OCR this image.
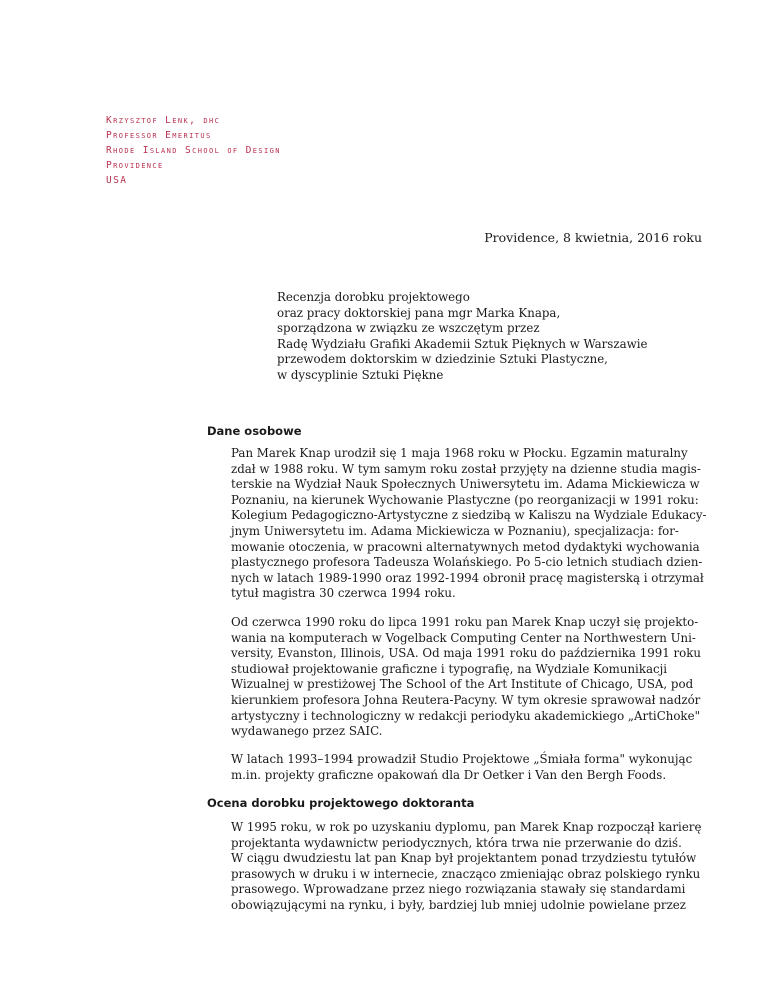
Krzysztof Lenk, dhc
Professor Emeritus
Rhode Island School of Design
Providence
USA
Providence, 8 kwietnia, 2016 roku
Recenzja dorobku projektowego
oraz pracy doktorskiej pana mgr Marka Knapa,
sporządzona w związku ze wszczętym przez
Radę Wydziału Grafiki Akademii Sztuk Pięknych w Warszawie
przewodem doktorskim w dziedzinie Sztuki Plastyczne,
w dyscyplinie Sztuki Piękne
Dane osobowe
Pan Marek Knap urodził się 1 maja 1968 roku w Płocku. Egzamin maturalny
zdał w 1988 roku. W tym samym roku został przyjęty na dzienne studia magis-
terskie na Wydział Nauk Społecznych Uniwersytetu im. Adama Mickiewicza w
Poznaniu, na kierunek Wychowanie Plastyczne (po reorganizacji w 1991 roku:
Kolegium Pedagogiczno-Artystyczne z siedzibą w Kaliszu na Wydziale Edukacy-
jnym Uniwersytetu im. Adama Mickiewicza w Poznaniu), specjalizacja: for-
mowanie otoczenia, w pracowni alternatywnych metod dydaktyki wychowania
plastycznego profesora Tadeusza Wolańskiego. Po 5-cio letnich studiach dzien-
nych w latach 1989-1990 oraz 1992-1994 obronił pracę magisterską i otrzymał
tytuł magistra 30 czerwca 1994 roku.
Od czerwca 1990 roku do lipca 1991 roku pan Marek Knap uczył się projekto-
wania na komputerach w Vogelback Computing Center na Northwestern Uni-
versity, Evanston, Illinois, USA. Od maja 1991 roku do października 1991 roku
studiował projektowanie graficzne i typografię, na Wydziale Komunikacji
Wizualnej w prestiżowej The School of the Art Institute of Chicago, USA, pod
kierunkiem profesora Johna Reutera-Pacyny. W tym okresie sprawował nadzór
artystyczny i technologiczny w redakcji periodyku akademickiego „ArtiChoke"
wydawanego przez SAIC.
W latach 1993–1994 prowadził Studio Projektowe „Śmiała forma" wykonując
m.in. projekty graficzne opakowań dla Dr Oetker i Van den Bergh Foods.
Ocena dorobku projektowego doktoranta
W 1995 roku, w rok po uzyskaniu dyplomu, pan Marek Knap rozpoczął karierę
projektanta wydawnictw periodycznych, która trwa nie przerwanie do dziś.
W ciągu dwudziestu lat pan Knap był projektantem ponad trzydziestu tytułów
prasowych w druku i w internecie, znacząco zmieniając obraz polskiego rynku
prasowego. Wprowadzane przez niego rozwiązania stawały się standardami
obowiązującymi na rynku, i były, bardziej lub mniej udolnie powielane przez
